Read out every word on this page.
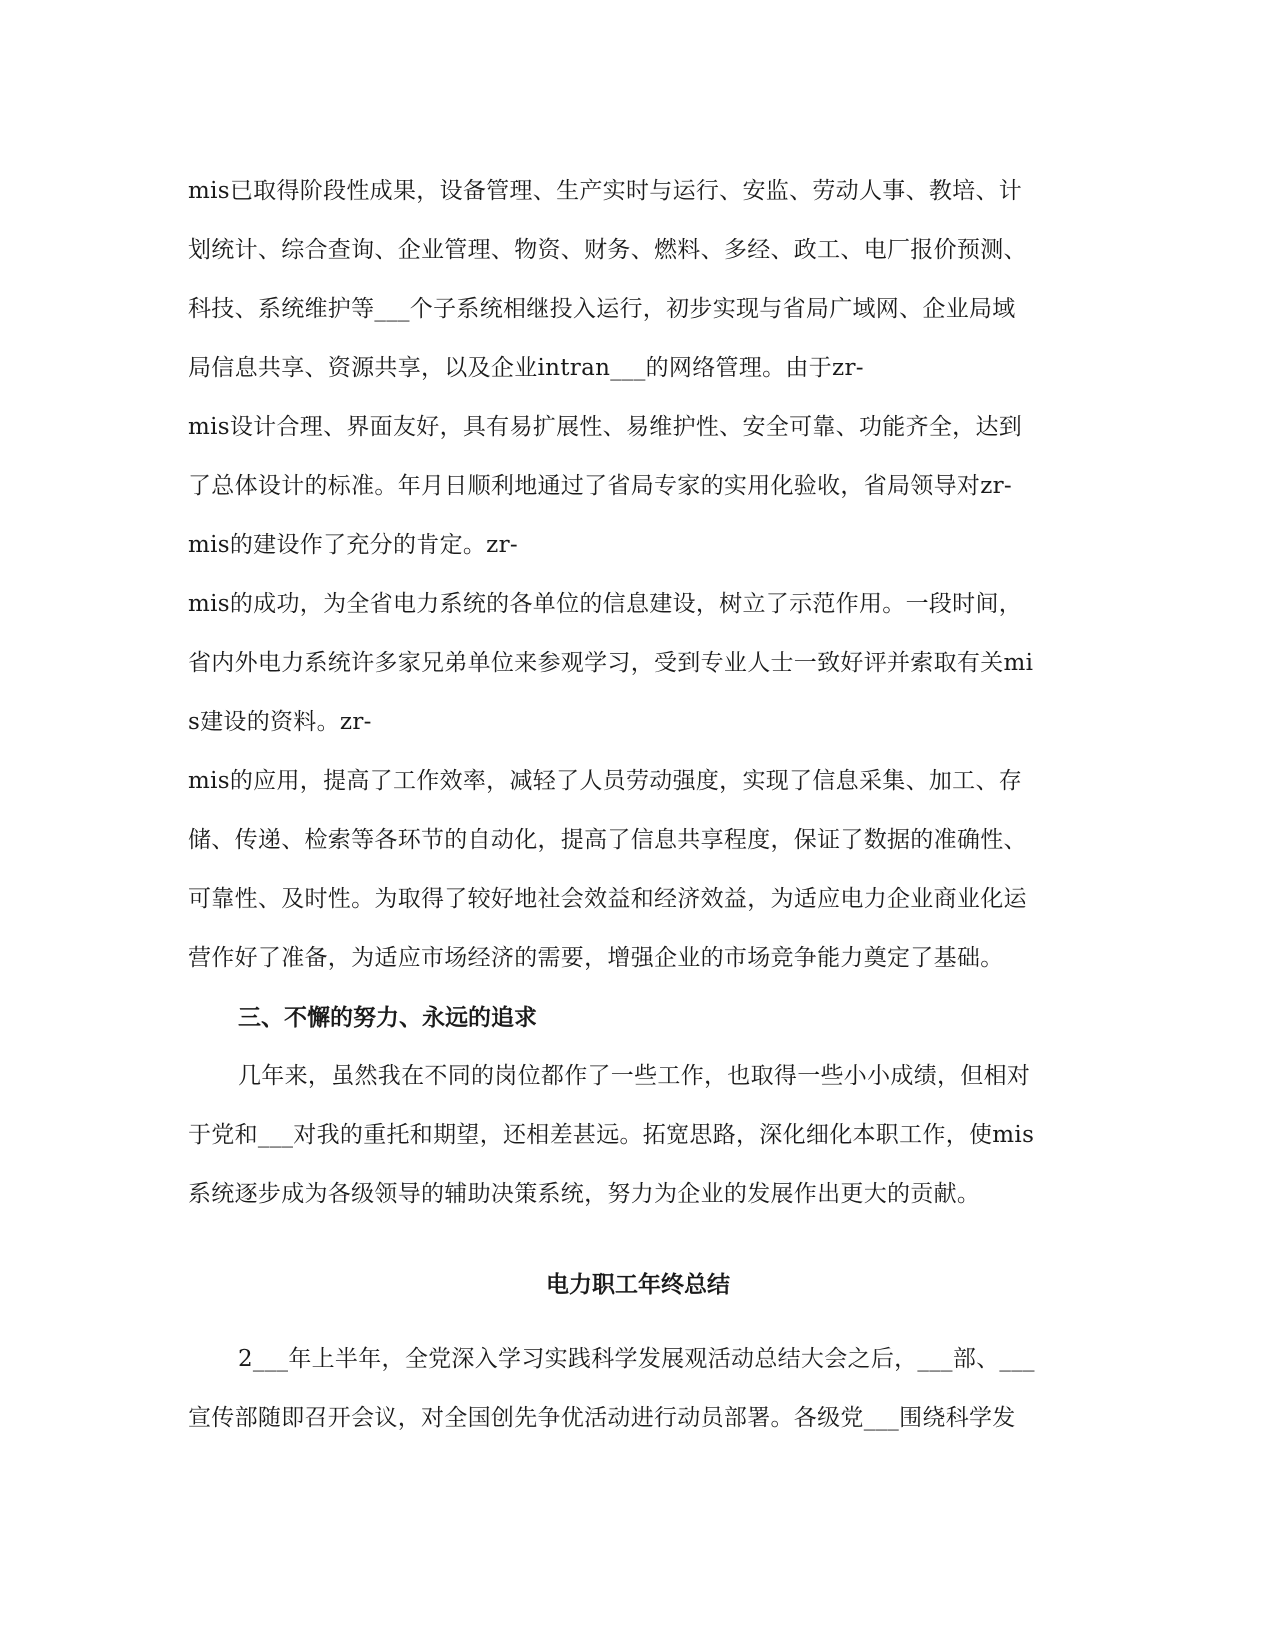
mis已取得阶段性成果，设备管理、生产实时与运行、安监、劳动人事、教培、计
划统计、综合查询、企业管理、物资、财务、燃料、多经、政工、电厂报价预测、
科技、系统维护等___个子系统相继投入运行，初步实现与省局广域网、企业局域
局信息共享、资源共享，以及企业intran___的网络管理。由于zr-
mis设计合理、界面友好，具有易扩展性、易维护性、安全可靠、功能齐全，达到
了总体设计的标准。年月日顺利地通过了省局专家的实用化验收，省局领导对zr-
mis的建设作了充分的肯定。zr-
mis的成功，为全省电力系统的各单位的信息建设，树立了示范作用。一段时间，
省内外电力系统许多家兄弟单位来参观学习，受到专业人士一致好评并索取有关mi
s建设的资料。zr-
mis的应用，提高了工作效率，减轻了人员劳动强度，实现了信息采集、加工、存
储、传递、检索等各环节的自动化，提高了信息共享程度，保证了数据的准确性、
可靠性、及时性。为取得了较好地社会效益和经济效益，为适应电力企业商业化运
营作好了准备，为适应市场经济的需要，增强企业的市场竞争能力奠定了基础。
三、不懈的努力、永远的追求
几年来，虽然我在不同的岗位都作了一些工作，也取得一些小小成绩，但相对
于党和___对我的重托和期望，还相差甚远。拓宽思路，深化细化本职工作，使mis
系统逐步成为各级领导的辅助决策系统，努力为企业的发展作出更大的贡献。
电力职工年终总结
2___年上半年，全党深入学习实践科学发展观活动总结大会之后，___部、___
宣传部随即召开会议，对全国创先争优活动进行动员部署。各级党___围绕科学发
